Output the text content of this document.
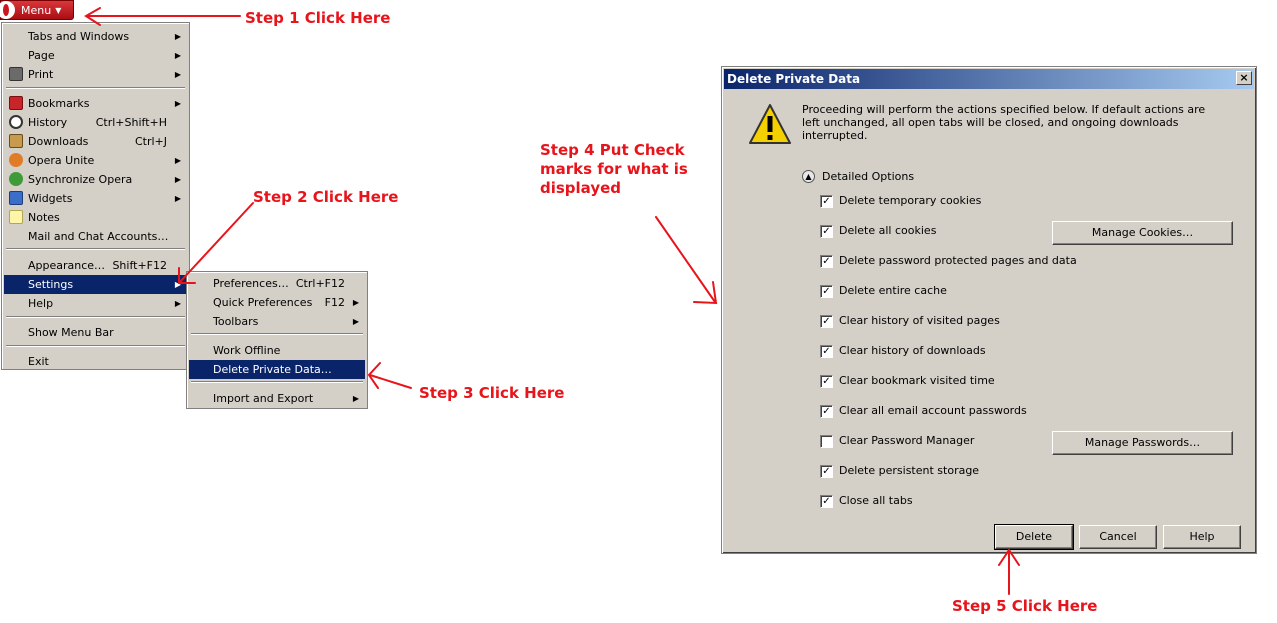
Menu ▼
Tabs and Windows	▶
Page	▶
Print	▶
Bookmarks	▶
History	Ctrl+Shift+H
Downloads	Ctrl+J
Opera Unite	▶
Synchronize Opera	▶
Widgets	▶
Notes
Mail and Chat Accounts…
Appearance… Shift+F12
Settings	▶
Help	▶
Show Menu Bar
Exit
Preferences… Ctrl+F12
Quick Preferences F12 ▶
Toolbars	▶
Work Offline
Delete Private Data…
Import and Export	▶
Delete Private Data	×
Proceeding will perform the actions specified below. If default actions are left unchanged, all open tabs will be closed, and ongoing downloads interrupted.
▲ Detailed Options
✓ Delete temporary cookies
✓ Delete all cookies
✓ Delete password protected pages and data
✓ Delete entire cache
✓ Clear history of visited pages
✓ Clear history of downloads
✓ Clear bookmark visited time
✓ Clear all email account passwords
Clear Password Manager
✓ Delete persistent storage
✓ Close all tabs
Manage Cookies…
Manage Passwords…
Delete	Cancel	Help
Step 1 Click Here
Step 2 Click Here
Step 3 Click Here
Step 4 Put Check marks for what is displayed
Step 5 Click Here
